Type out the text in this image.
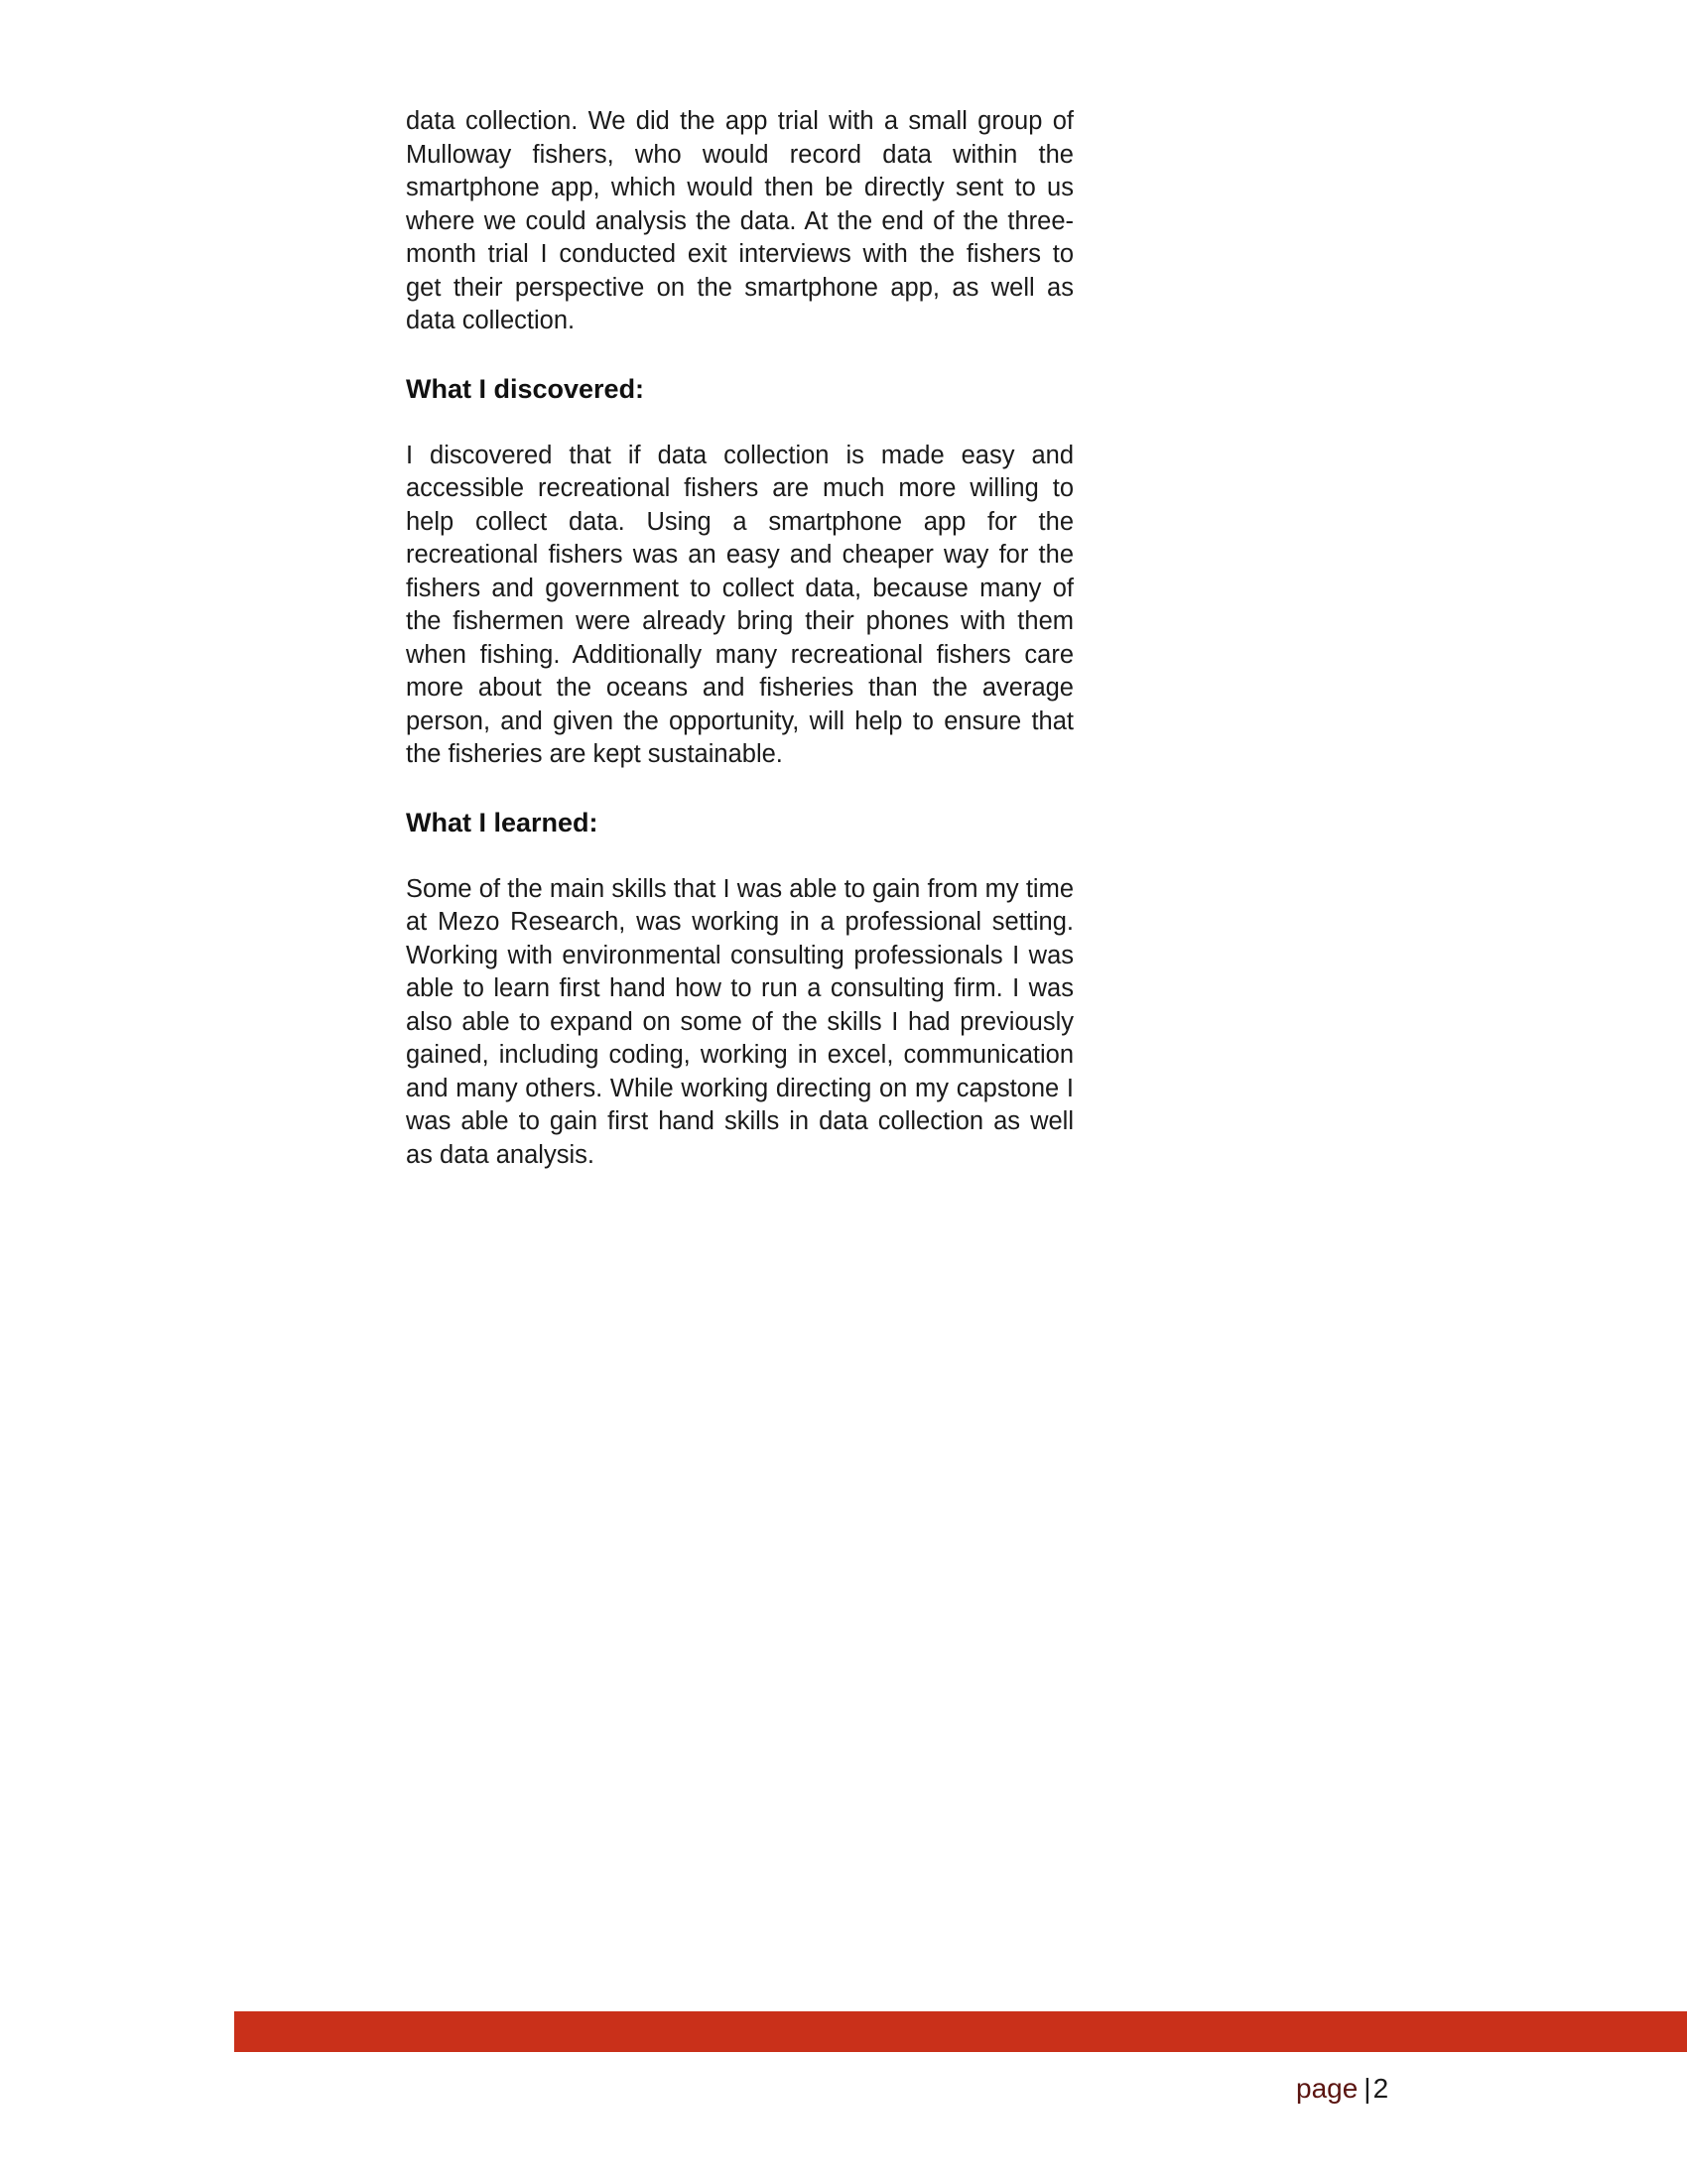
data collection. We did the app trial with a small group of Mulloway fishers, who would record data within the smartphone app, which would then be directly sent to us where we could analysis the data. At the end of the three-month trial I conducted exit interviews with the fishers to get their perspective on the smartphone app, as well as data collection.

What I discovered:

I discovered that if data collection is made easy and accessible recreational fishers are much more willing to help collect data. Using a smartphone app for the recreational fishers was an easy and cheaper way for the fishers and government to collect data, because many of the fishermen were already bring their phones with them when fishing. Additionally many recreational fishers care more about the oceans and fisheries than the average person, and given the opportunity, will help to ensure that the fisheries are kept sustainable.

What I learned:

Some of the main skills that I was able to gain from my time at Mezo Research, was working in a professional setting. Working with environmental consulting professionals I was able to learn first hand how to run a consulting firm. I was also able to expand on some of the skills I had previously gained, including coding, working in excel, communication and many others. While working directing on my capstone I was able to gain first hand skills in data collection as well as data analysis.

page |2
